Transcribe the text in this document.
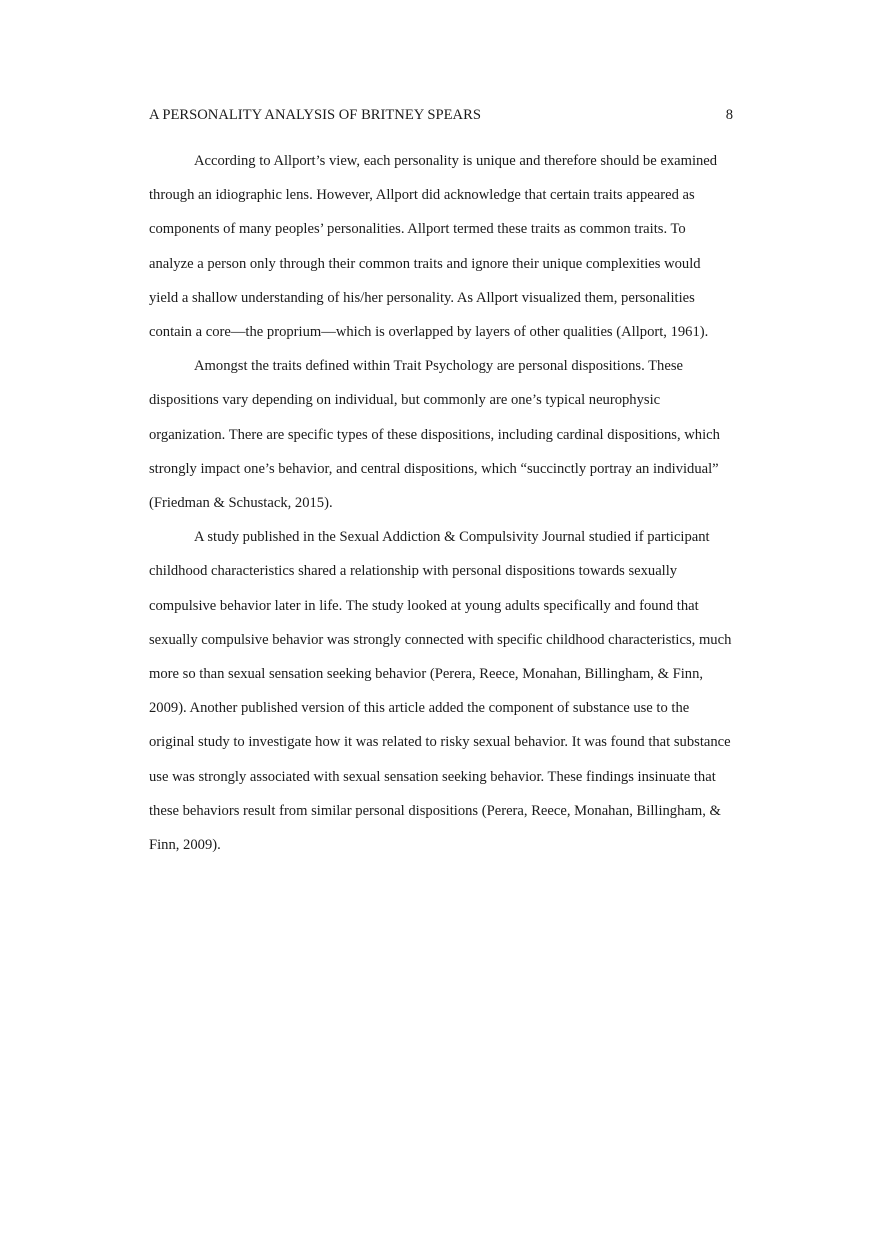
A PERSONALITY ANALYSIS OF BRITNEY SPEARS	8

According to Allport’s view, each personality is unique and therefore should be examined through an idiographic lens. However, Allport did acknowledge that certain traits appeared as components of many peoples’ personalities. Allport termed these traits as common traits. To analyze a person only through their common traits and ignore their unique complexities would yield a shallow understanding of his/her personality. As Allport visualized them, personalities contain a core—the proprium—which is overlapped by layers of other qualities (Allport, 1961).

Amongst the traits defined within Trait Psychology are personal dispositions. These dispositions vary depending on individual, but commonly are one’s typical neurophysic organization. There are specific types of these dispositions, including cardinal dispositions, which strongly impact one’s behavior, and central dispositions, which “succinctly portray an individual” (Friedman & Schustack, 2015).

A study published in the Sexual Addiction & Compulsivity Journal studied if participant childhood characteristics shared a relationship with personal dispositions towards sexually compulsive behavior later in life. The study looked at young adults specifically and found that sexually compulsive behavior was strongly connected with specific childhood characteristics, much more so than sexual sensation seeking behavior (Perera, Reece, Monahan, Billingham, & Finn, 2009). Another published version of this article added the component of substance use to the original study to investigate how it was related to risky sexual behavior. It was found that substance use was strongly associated with sexual sensation seeking behavior. These findings insinuate that these behaviors result from similar personal dispositions (Perera, Reece, Monahan, Billingham, & Finn, 2009).
